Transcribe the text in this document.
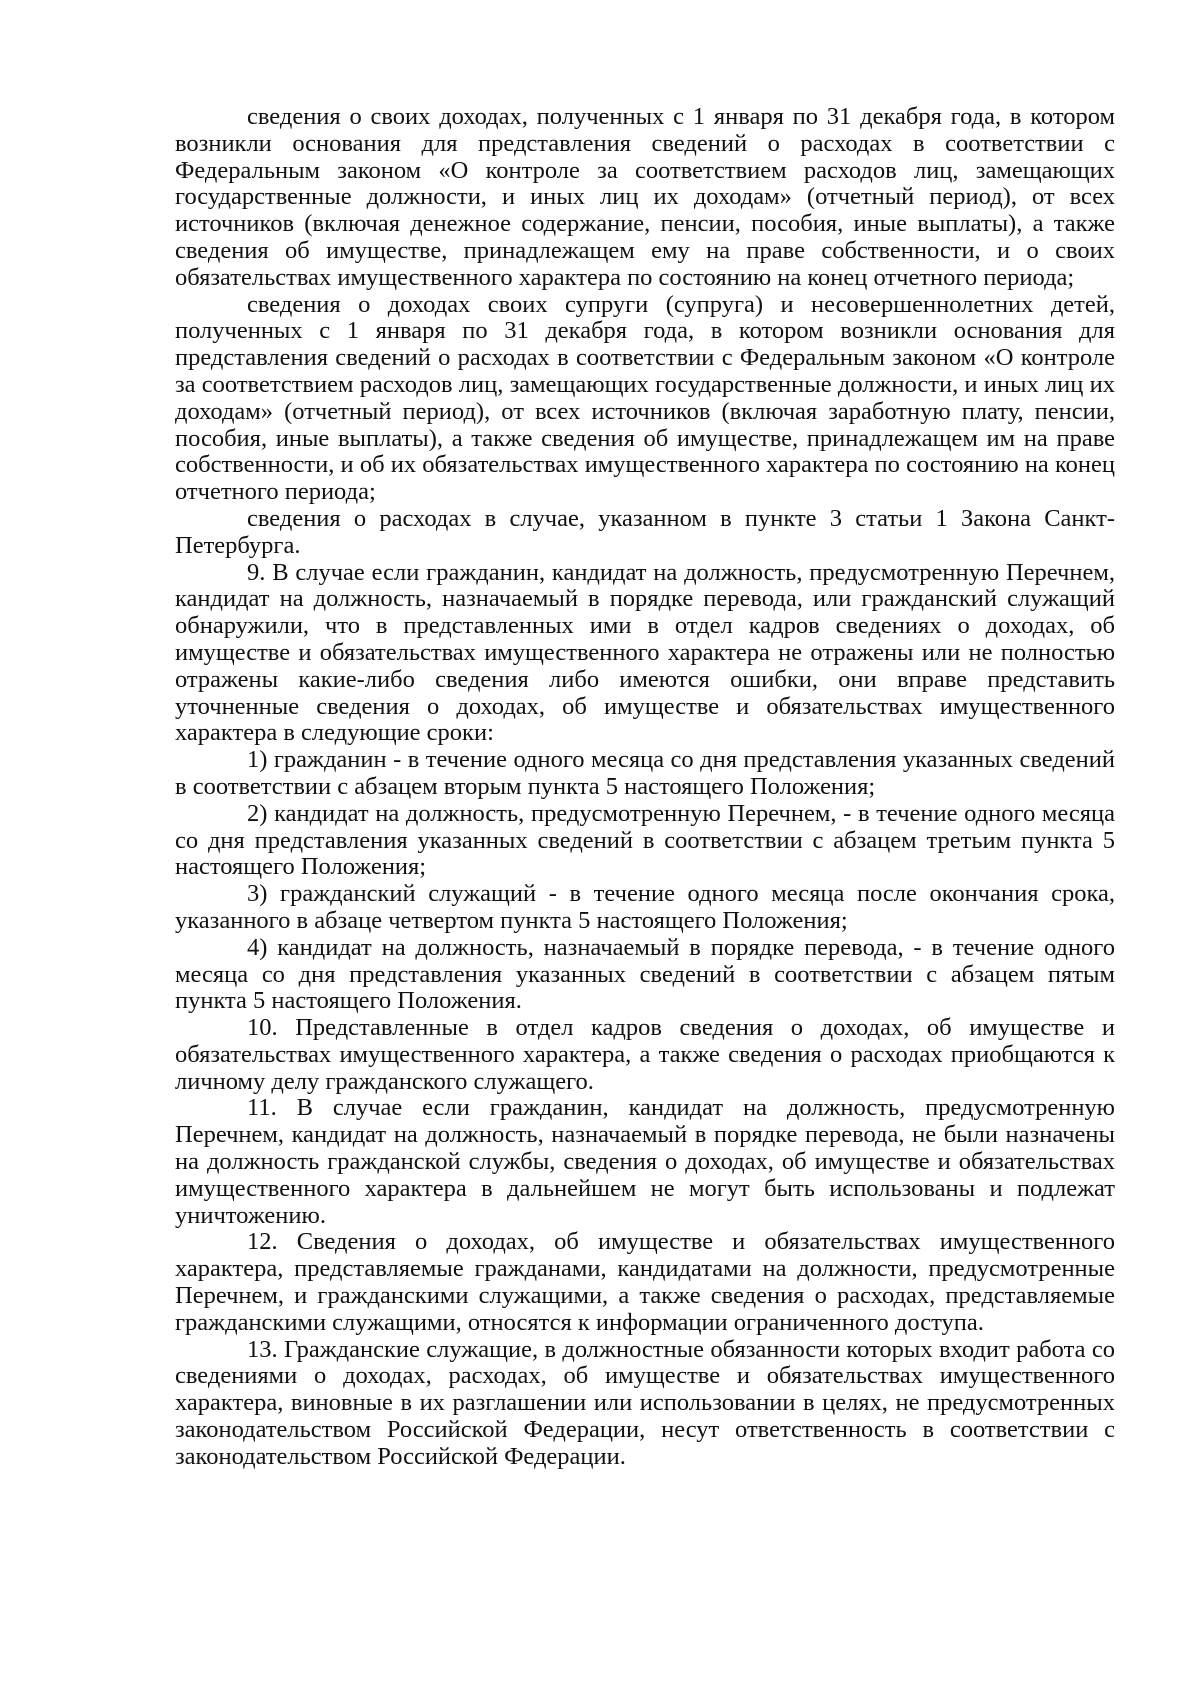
сведения о своих доходах, полученных с 1 января по 31 декабря года, в котором возникли основания для представления сведений о расходах в соответствии с Федеральным законом «О контроле за соответствием расходов лиц, замещающих государственные должности, и иных лиц их доходам» (отчетный период), от всех источников (включая денежное содержание, пенсии, пособия, иные выплаты), а также сведения об имуществе, принадлежащем ему на праве собственности, и о своих обязательствах имущественного характера по состоянию на конец отчетного периода;

сведения о доходах своих супруги (супруга) и несовершеннолетних детей, полученных с 1 января по 31 декабря года, в котором возникли основания для представления сведений о расходах в соответствии с Федеральным законом «О контроле за соответствием расходов лиц, замещающих государственные должности, и иных лиц их доходам» (отчетный период), от всех источников (включая заработную плату, пенсии, пособия, иные выплаты), а также сведения об имуществе, принадлежащем им на праве собственности, и об их обязательствах имущественного характера по состоянию на конец отчетного периода;

сведения о расходах в случае, указанном в пункте 3 статьи 1 Закона Санкт-Петербурга.

9. В случае если гражданин, кандидат на должность, предусмотренную Перечнем, кандидат на должность, назначаемый в порядке перевода, или гражданский служащий обнаружили, что в представленных ими в отдел кадров сведениях о доходах, об имуществе и обязательствах имущественного характера не отражены или не полностью отражены какие-либо сведения либо имеются ошибки, они вправе представить уточненные сведения о доходах, об имуществе и обязательствах имущественного характера в следующие сроки:

1) гражданин - в течение одного месяца со дня представления указанных сведений в соответствии с абзацем вторым пункта 5 настоящего Положения;

2) кандидат на должность, предусмотренную Перечнем, - в течение одного месяца со дня представления указанных сведений в соответствии с абзацем третьим пункта 5 настоящего Положения;

3) гражданский служащий - в течение одного месяца после окончания срока, указанного в абзаце четвертом пункта 5 настоящего Положения;

4) кандидат на должность, назначаемый в порядке перевода, - в течение одного месяца со дня представления указанных сведений в соответствии с абзацем пятым пункта 5 настоящего Положения.

10. Представленные в отдел кадров сведения о доходах, об имуществе и обязательствах имущественного характера, а также сведения о расходах приобщаются к личному делу гражданского служащего.

11. В случае если гражданин, кандидат на должность, предусмотренную Перечнем, кандидат на должность, назначаемый в порядке перевода, не были назначены на должность гражданской службы, сведения о доходах, об имуществе и обязательствах имущественного характера в дальнейшем не могут быть использованы и подлежат уничтожению.

12. Сведения о доходах, об имуществе и обязательствах имущественного характера, представляемые гражданами, кандидатами на должности, предусмотренные Перечнем, и гражданскими служащими, а также сведения о расходах, представляемые гражданскими служащими, относятся к информации ограниченного доступа.

13. Гражданские служащие, в должностные обязанности которых входит работа со сведениями о доходах, расходах, об имуществе и обязательствах имущественного характера, виновные в их разглашении или использовании в целях, не предусмотренных законодательством Российской Федерации, несут ответственность в соответствии с законодательством Российской Федерации.
